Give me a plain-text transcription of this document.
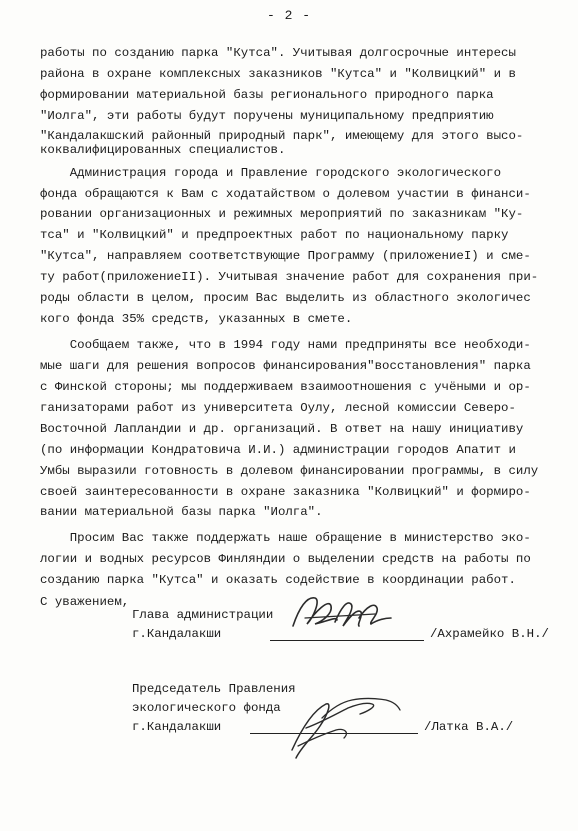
- 2 -
работы по созданию парка "Кутса". Учитывая долгосрочные интересы
района в охране комплексных заказников "Кутса" и "Колвицкий" и в
формировании материальной базы регионального природного парка
"Иолга", эти работы будут поручены муниципальному предприятию
"Кандалакшский районный природный парк", имеющему для этого высо-
коквалифицированных специалистов.
Администрация города и Правление городского экологического
фонда обращаются к Вам с ходатайством о долевом участии в финанси-
ровании организационных и режимных мероприятий по заказникам "Ку-
тса" и "Колвицкий" и предпроектных работ по национальному парку
"Кутса", направляем соответствующие Программу (приложениеI) и сме-
ту работ(приложениеII). Учитывая значение работ для сохранения при-
роды области в целом, просим Вас выделить из областного экологичес
кого фонда 35% средств, указанных в смете.
Сообщаем также, что в 1994 году нами предприняты все необходи-
мые шаги для решения вопросов финансирования"восстановления" парка
с Финской стороны; мы поддерживаем взаимоотношения с учёными и ор-
ганизаторами работ из университета Оулу, лесной комиссии Северо-
Восточной Лапландии и др. организаций. В ответ на нашу инициативу
(по информации Кондратовича И.И.) администрации городов Апатит и
Умбы выразили готовность в долевом финансировании программы, в силу
своей заинтересованности в охране заказника "Колвицкий" и формиро-
вании материальной базы парка "Иолга".
Просим Вас также поддержать наше обращение в министерство эко-
логии и водных ресурсов Финляндии о выделении средств на работы по
созданию парка "Кутса" и оказать содействие в координации работ.
С уважением,
Глава администрации
г.Кандалакши	/Ахрамейко В.Н./
Председатель Правления
экологического фонда
г.Кандалакши	/Латка В.А./
